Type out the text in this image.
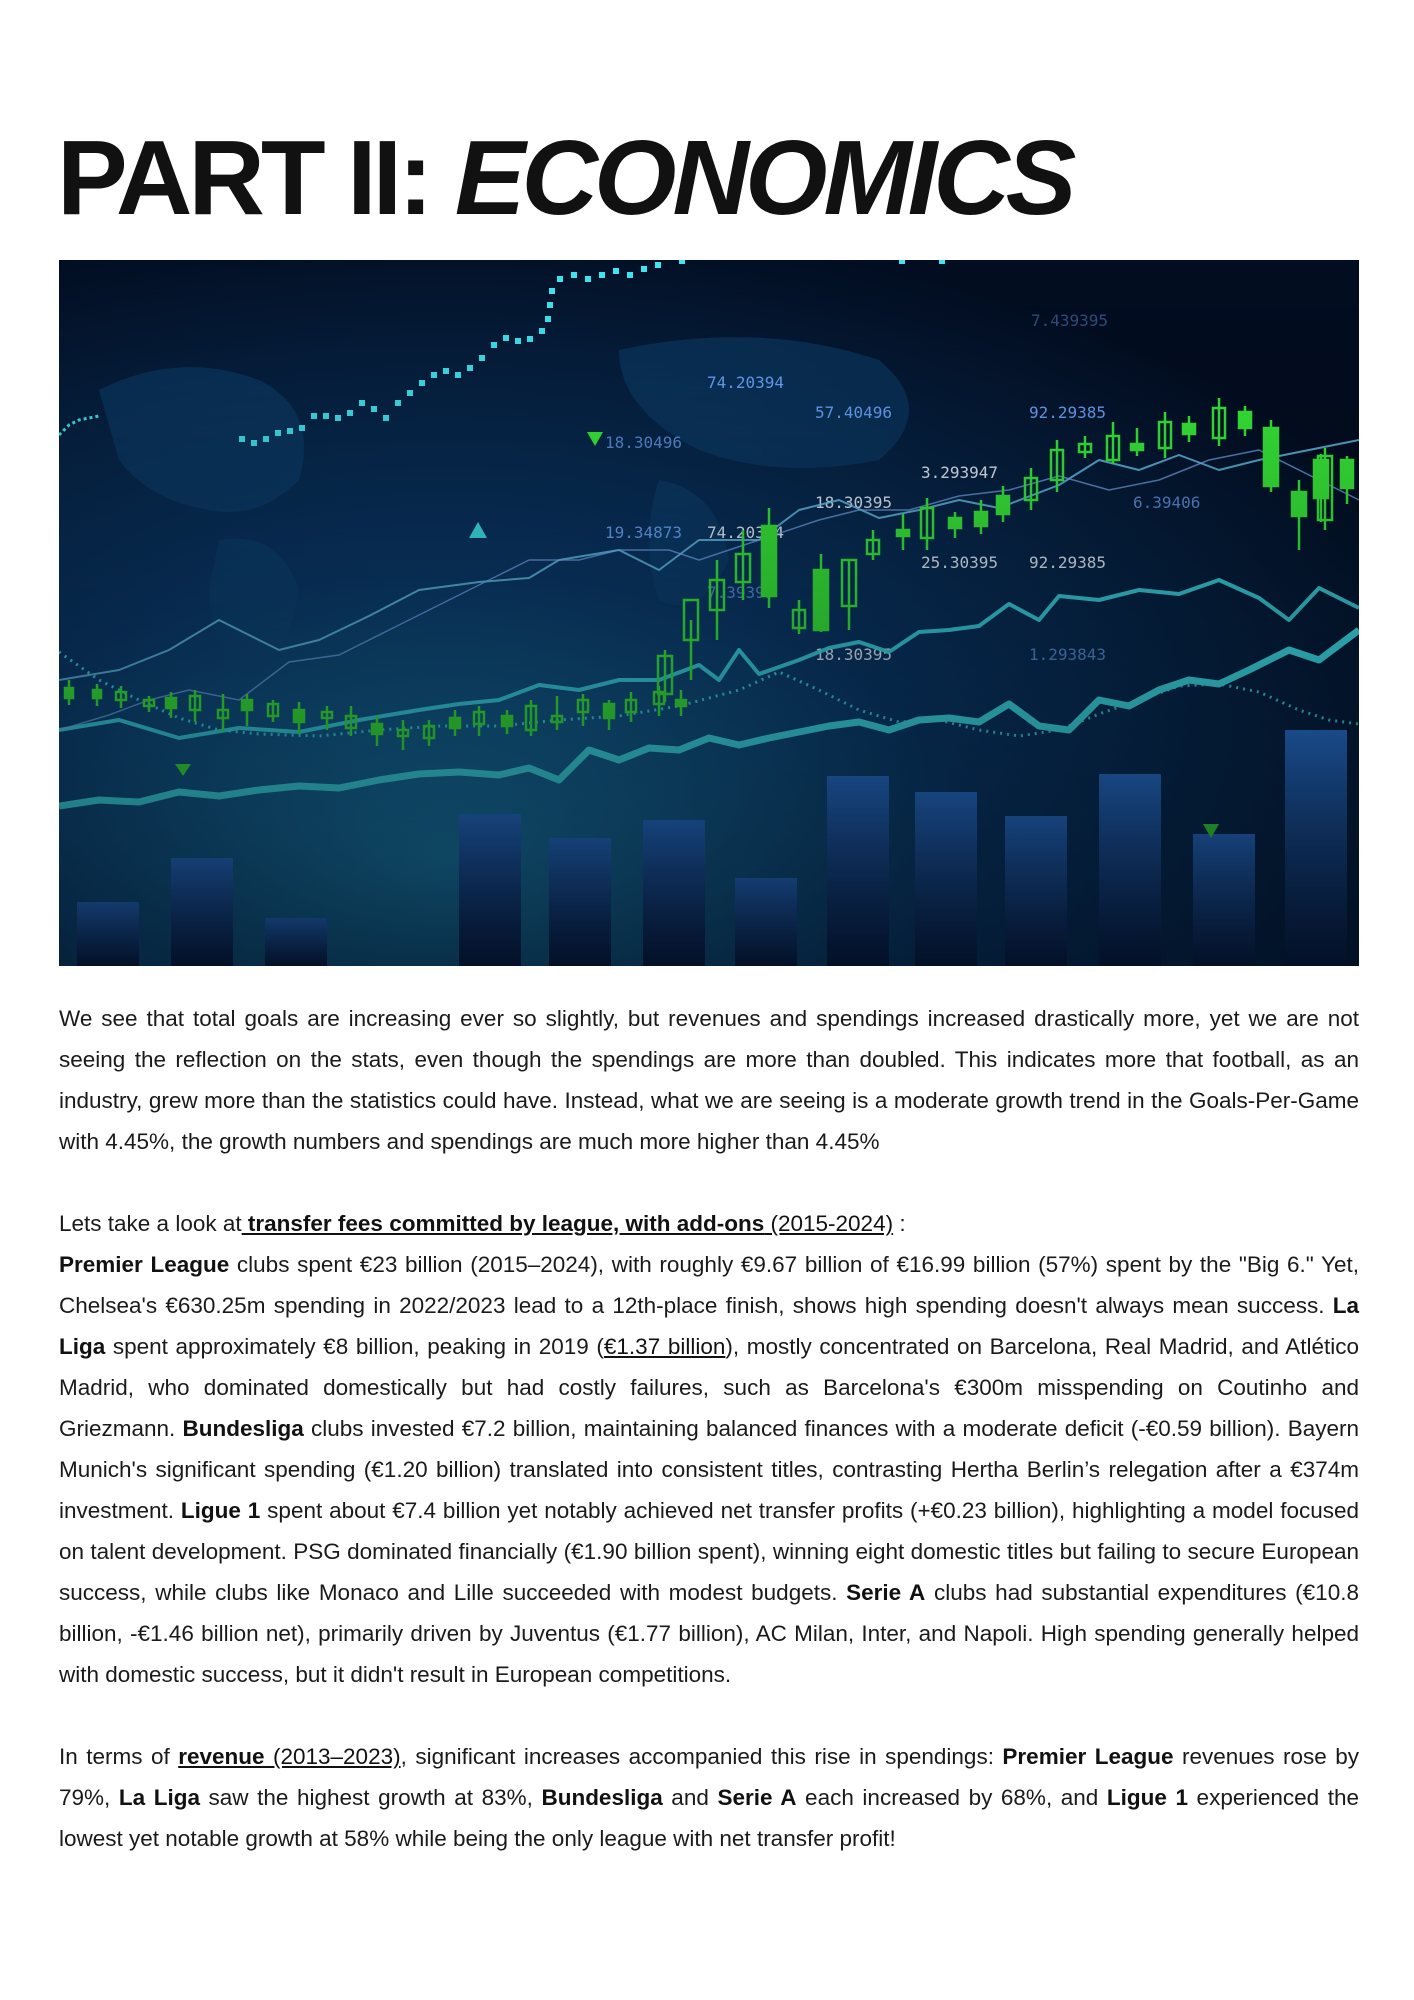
PART II: ECONOMICS

We see that total goals are increasing ever so slightly, but revenues and spendings increased drastically more, yet we are not seeing the reflection on the stats, even though the spendings are more than doubled. This indicates more that football, as an industry, grew more than the statistics could have. Instead, what we are seeing is a moderate growth trend in the Goals-Per-Game with 4.45%, the growth numbers and spendings are much more higher than 4.45%

Lets take a look at transfer fees committed by league, with add-ons (2015-2024) :

Premier League clubs spent €23 billion (2015–2024), with roughly €9.67 billion of €16.99 billion (57%) spent by the "Big 6." Yet, Chelsea's €630.25m spending in 2022/2023 lead to a 12th-place finish, shows high spending doesn't always mean success. La Liga spent approximately €8 billion, peaking in 2019 (€1.37 billion), mostly concentrated on Barcelona, Real Madrid, and Atlético Madrid, who dominated domestically but had costly failures, such as Barcelona's €300m misspending on Coutinho and Griezmann. Bundesliga clubs invested €7.2 billion, maintaining balanced finances with a moderate deficit (-€0.59 billion). Bayern Munich's significant spending (€1.20 billion) translated into consistent titles, contrasting Hertha Berlin’s relegation after a €374m investment. Ligue 1 spent about €7.4 billion yet notably achieved net transfer profits (+€0.23 billion), highlighting a model focused on talent development. PSG dominated financially (€1.90 billion spent), winning eight domestic titles but failing to secure European success, while clubs like Monaco and Lille succeeded with modest budgets. Serie A clubs had substantial expenditures (€10.8 billion, -€1.46 billion net), primarily driven by Juventus (€1.77 billion), AC Milan, Inter, and Napoli. High spending generally helped with domestic success, but it didn't result in European competitions.

In terms of revenue (2013–2023), significant increases accompanied this rise in spendings: Premier League revenues rose by 79%, La Liga saw the highest growth at 83%, Bundesliga and Serie A each increased by 68%, and Ligue 1 experienced the lowest yet notable growth at 58% while being the only league with net transfer profit!
